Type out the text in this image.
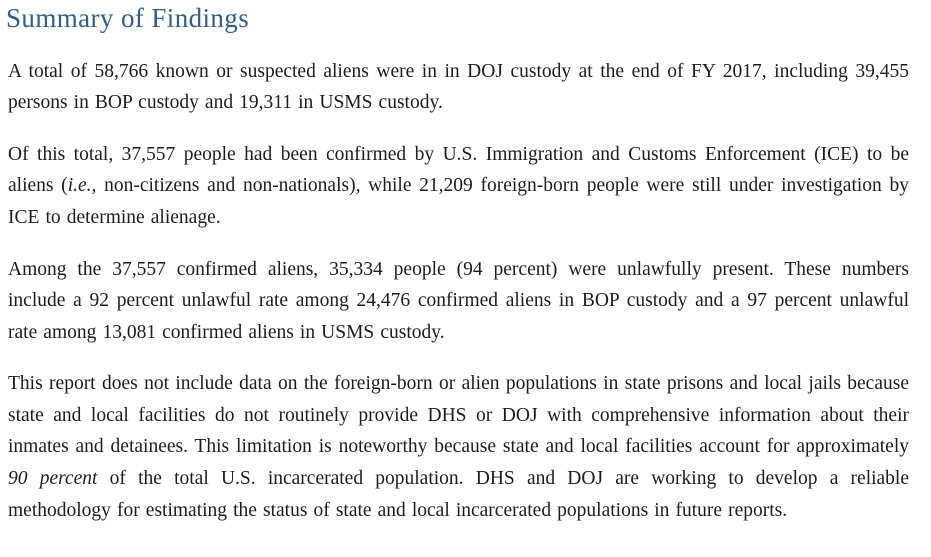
Summary of Findings

A total of 58,766 known or suspected aliens were in in DOJ custody at the end of FY 2017, including 39,455 persons in BOP custody and 19,311 in USMS custody.

Of this total, 37,557 people had been confirmed by U.S. Immigration and Customs Enforcement (ICE) to be aliens (i.e., non-citizens and non-nationals), while 21,209 foreign-born people were still under investigation by ICE to determine alienage.

Among the 37,557 confirmed aliens, 35,334 people (94 percent) were unlawfully present. These numbers include a 92 percent unlawful rate among 24,476 confirmed aliens in BOP custody and a 97 percent unlawful rate among 13,081 confirmed aliens in USMS custody.

This report does not include data on the foreign-born or alien populations in state prisons and local jails because state and local facilities do not routinely provide DHS or DOJ with comprehensive information about their inmates and detainees. This limitation is noteworthy because state and local facilities account for approximately 90 percent of the total U.S. incarcerated population. DHS and DOJ are working to develop a reliable methodology for estimating the status of state and local incarcerated populations in future reports.
